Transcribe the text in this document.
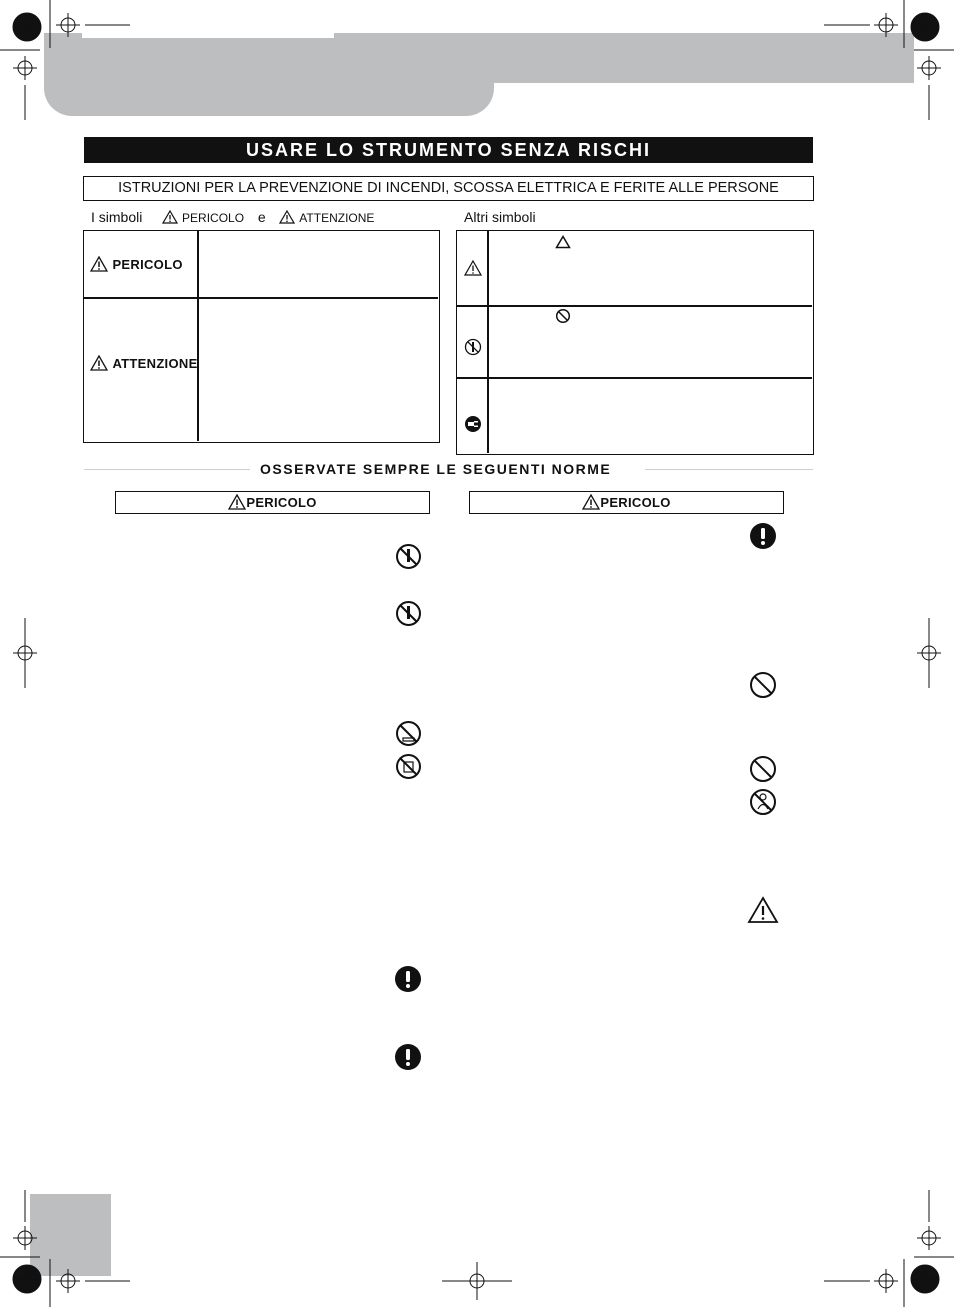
USARE LO STRUMENTO SENZA RISCHI
ISTRUZIONI PER LA PREVENZIONE DI INCENDI, SCOSSA ELETTRICA E FERITE ALLE PERSONE
I simboli	PERICOLO e	ATTENZIONE	Altri simboli
PERICOLO
ATTENZIONE
OSSERVATE SEMPRE LE SEGUENTI NORME
PERICOLO	PERICOLO
